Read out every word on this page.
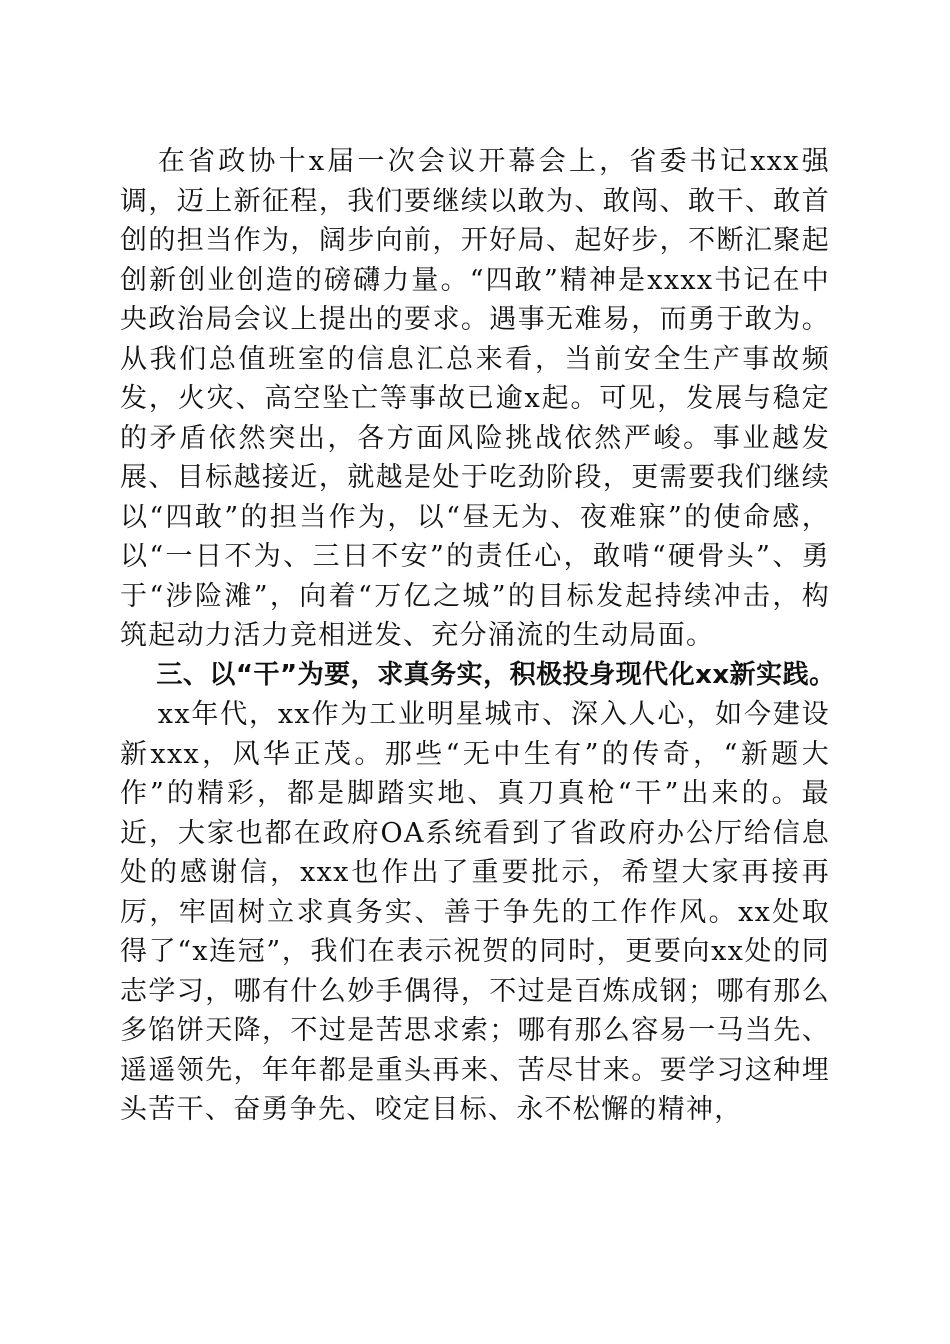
在省政协十x届一次会议开幕会上，省委书记xxx强调，迈上新征程，我们要继续以敢为、敢闯、敢干、敢首创的担当作为，阔步向前，开好局、起好步，不断汇聚起创新创业创造的磅礴力量。“四敢”精神是xxxx书记在中央政治局会议上提出的要求。遇事无难易，而勇于敢为。从我们总值班室的信息汇总来看，当前安全生产事故频发，火灾、高空坠亡等事故已逾x起。可见，发展与稳定的矛盾依然突出，各方面风险挑战依然严峻。事业越发展、目标越接近，就越是处于吃劲阶段，更需要我们继续以“四敢”的担当作为，以“昼无为、夜难寐”的使命感，以“一日不为、三日不安”的责任心，敢啃“硬骨头”、勇于“涉险滩”，向着“万亿之城”的目标发起持续冲击，构筑起动力活力竞相迸发、充分涌流的生动局面。

三、以“干”为要，求真务实，积极投身现代化xx新实践。

xx年代，xx作为工业明星城市、深入人心，如今建设新xxx，风华正茂。那些“无中生有”的传奇，“新题大作”的精彩，都是脚踏实地、真刀真枪“干”出来的。最近，大家也都在政府OA系统看到了省政府办公厅给信息处的感谢信，xxx也作出了重要批示，希望大家再接再厉，牢固树立求真务实、善于争先的工作作风。xx处取得了“x连冠”，我们在表示祝贺的同时，更要向xx处的同志学习，哪有什么妙手偶得，不过是百炼成钢；哪有那么多馅饼天降，不过是苦思求索；哪有那么容易一马当先、遥遥领先，年年都是重头再来、苦尽甘来。要学习这种埋头苦干、奋勇争先、咬定目标、永不松懈的精神，
